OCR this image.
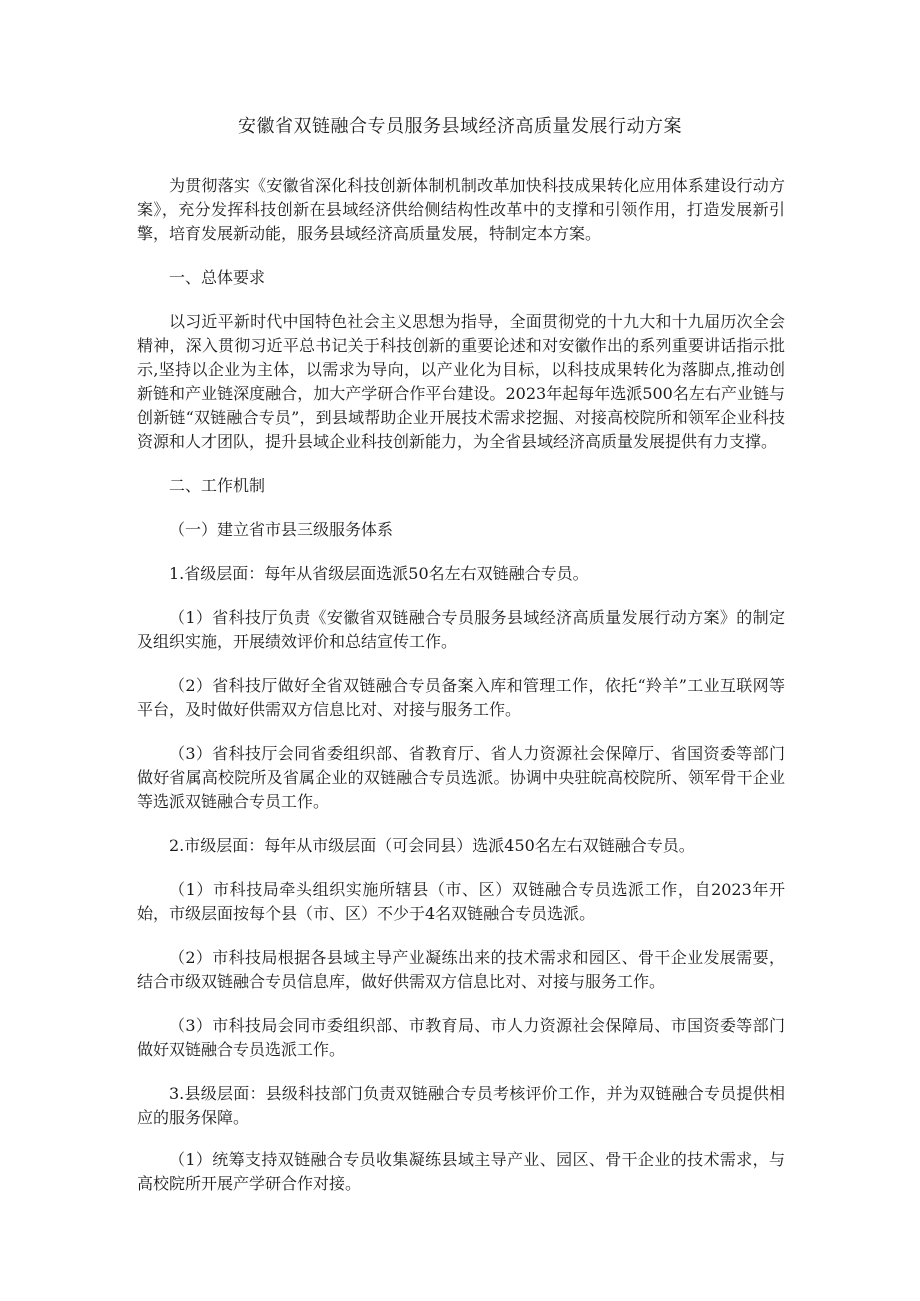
安徽省双链融合专员服务县域经济高质量发展行动方案

为贯彻落实《安徽省深化科技创新体制机制改革加快科技成果转化应用体系建设行动方案》，充分发挥科技创新在县域经济供给侧结构性改革中的支撑和引领作用，打造发展新引擎，培育发展新动能，服务县域经济高质量发展，特制定本方案。

一、总体要求

以习近平新时代中国特色社会主义思想为指导，全面贯彻党的十九大和十九届历次全会精神，深入贯彻习近平总书记关于科技创新的重要论述和对安徽作出的系列重要讲话指示批示,坚持以企业为主体，以需求为导向，以产业化为目标，以科技成果转化为落脚点,推动创新链和产业链深度融合，加大产学研合作平台建设。2023年起每年选派500名左右产业链与创新链“双链融合专员”，到县域帮助企业开展技术需求挖掘、对接高校院所和领军企业科技资源和人才团队，提升县域企业科技创新能力，为全省县域经济高质量发展提供有力支撑。

二、工作机制

（一）建立省市县三级服务体系

1.省级层面：每年从省级层面选派50名左右双链融合专员。

（1）省科技厅负责《安徽省双链融合专员服务县域经济高质量发展行动方案》的制定及组织实施，开展绩效评价和总结宣传工作。

（2）省科技厅做好全省双链融合专员备案入库和管理工作，依托“羚羊”工业互联网等平台，及时做好供需双方信息比对、对接与服务工作。

（3）省科技厅会同省委组织部、省教育厅、省人力资源社会保障厅、省国资委等部门做好省属高校院所及省属企业的双链融合专员选派。协调中央驻皖高校院所、领军骨干企业等选派双链融合专员工作。

2.市级层面：每年从市级层面（可会同县）选派450名左右双链融合专员。

（1）市科技局牵头组织实施所辖县（市、区）双链融合专员选派工作，自2023年开始，市级层面按每个县（市、区）不少于4名双链融合专员选派。

（2）市科技局根据各县域主导产业凝练出来的技术需求和园区、骨干企业发展需要，结合市级双链融合专员信息库，做好供需双方信息比对、对接与服务工作。

（3）市科技局会同市委组织部、市教育局、市人力资源社会保障局、市国资委等部门做好双链融合专员选派工作。

3.县级层面：县级科技部门负责双链融合专员考核评价工作，并为双链融合专员提供相应的服务保障。

（1）统筹支持双链融合专员收集凝练县域主导产业、园区、骨干企业的技术需求，与高校院所开展产学研合作对接。
